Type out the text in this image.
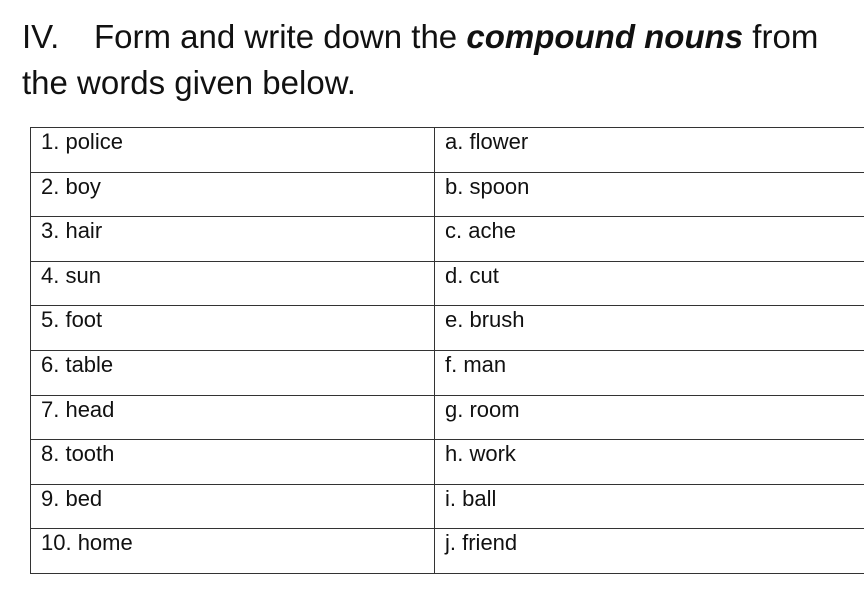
IV. Form and write down the compound nouns from the words given below.

1. police	a. flower
2. boy	b. spoon
3. hair	c. ache
4. sun	d. cut
5. foot	e. brush
6. table	f. man
7. head	g. room
8. tooth	h. work
9. bed	i. ball
10. home	j. friend
